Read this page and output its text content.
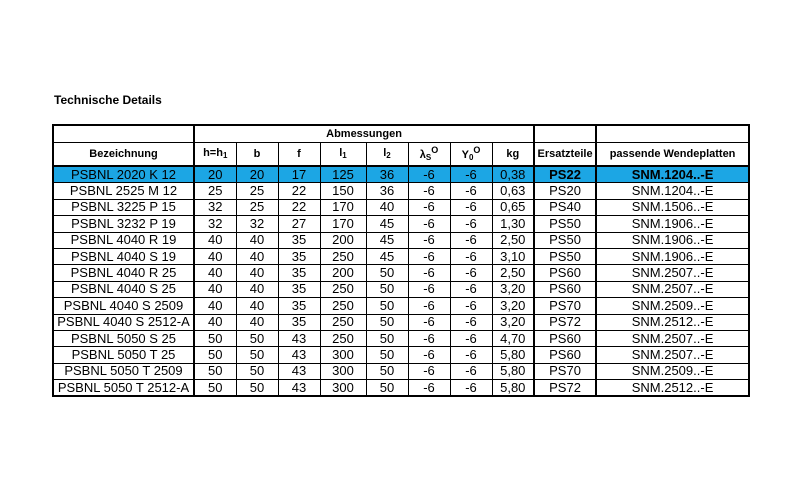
Technische Details
	Abmessungen									
Bezeichnung	$h=h_1$	b	f	$l_1$	$l_2$	$\lambda_S^O$	$Y_0^O$	kg	Ersatzteile	passende Wendeplatten
PSBNL 2020 K 12	20	20	17	125	36	-6	-6	0,38	PS22	SNM.1204..-E
PSBNL 2525 M 12	25	25	22	150	36	-6	-6	0,63	PS20	SNM.1204..-E
PSBNL 3225 P 15	32	25	22	170	40	-6	-6	0,65	PS40	SNM.1506..-E
PSBNL 3232 P 19	32	32	27	170	45	-6	-6	1,30	PS50	SNM.1906..-E
PSBNL 4040 R 19	40	40	35	200	45	-6	-6	2,50	PS50	SNM.1906..-E
PSBNL 4040 S 19	40	40	35	250	45	-6	-6	3,10	PS50	SNM.1906..-E
PSBNL 4040 R 25	40	40	35	200	50	-6	-6	2,50	PS60	SNM.2507..-E
PSBNL 4040 S 25	40	40	35	250	50	-6	-6	3,20	PS60	SNM.2507..-E
PSBNL 4040 S 2509	40	40	35	250	50	-6	-6	3,20	PS70	SNM.2509..-E
PSBNL 4040 S 2512-A	40	40	35	250	50	-6	-6	3,20	PS72	SNM.2512..-E
PSBNL 5050 S 25	50	50	43	250	50	-6	-6	4,70	PS60	SNM.2507..-E
PSBNL 5050 T 25	50	50	43	300	50	-6	-6	5,80	PS60	SNM.2507..-E
PSBNL 5050 T 2509	50	50	43	300	50	-6	-6	5,80	PS70	SNM.2509..-E
PSBNL 5050 T 2512-A	50	50	43	300	50	-6	-6	5,80	PS72	SNM.2512..-E
